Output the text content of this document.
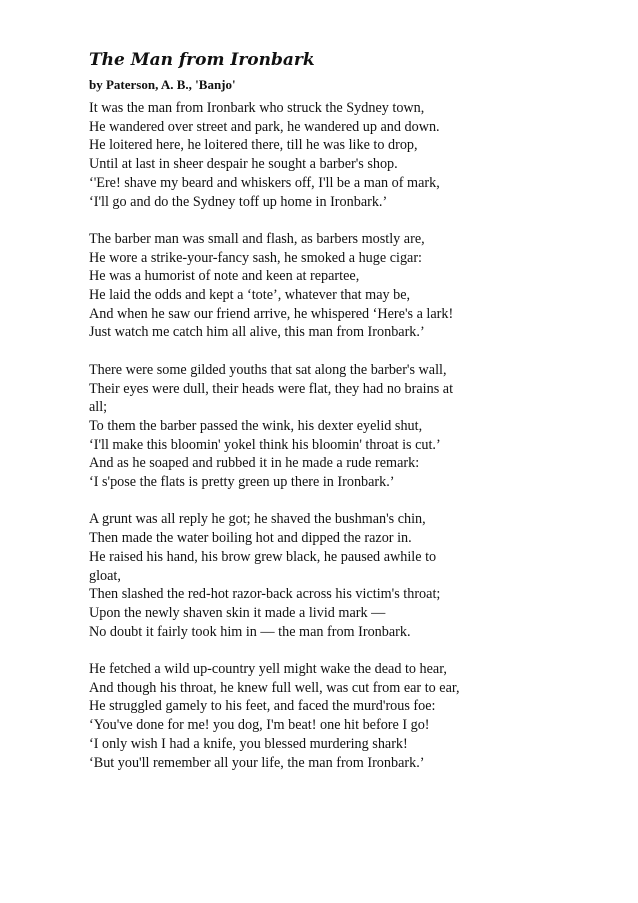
The Man from Ironbark

by Paterson, A. B., 'Banjo'

It was the man from Ironbark who struck the Sydney town,
He wandered over street and park, he wandered up and down.
He loitered here, he loitered there, till he was like to drop,
Until at last in sheer despair he sought a barber's shop.
‘'Ere! shave my beard and whiskers off, I'll be a man of mark,
‘I'll go and do the Sydney toff up home in Ironbark.’
The barber man was small and flash, as barbers mostly are,
He wore a strike-your-fancy sash, he smoked a huge cigar:
He was a humorist of note and keen at repartee,
He laid the odds and kept a ‘tote’, whatever that may be,
And when he saw our friend arrive, he whispered ‘Here's a lark!
Just watch me catch him all alive, this man from Ironbark.’
There were some gilded youths that sat along the barber's wall,
Their eyes were dull, their heads were flat, they had no brains at all;
To them the barber passed the wink, his dexter eyelid shut,
‘I'll make this bloomin' yokel think his bloomin' throat is cut.’
And as he soaped and rubbed it in he made a rude remark:
‘I s'pose the flats is pretty green up there in Ironbark.’
A grunt was all reply he got; he shaved the bushman's chin,
Then made the water boiling hot and dipped the razor in.
He raised his hand, his brow grew black, he paused awhile to gloat,
Then slashed the red-hot razor-back across his victim's throat;
Upon the newly shaven skin it made a livid mark —
No doubt it fairly took him in — the man from Ironbark.
He fetched a wild up-country yell might wake the dead to hear,
And though his throat, he knew full well, was cut from ear to ear,
He struggled gamely to his feet, and faced the murd'rous foe:
‘You've done for me! you dog, I'm beat! one hit before I go!
‘I only wish I had a knife, you blessed murdering shark!
‘But you'll remember all your life, the man from Ironbark.’
